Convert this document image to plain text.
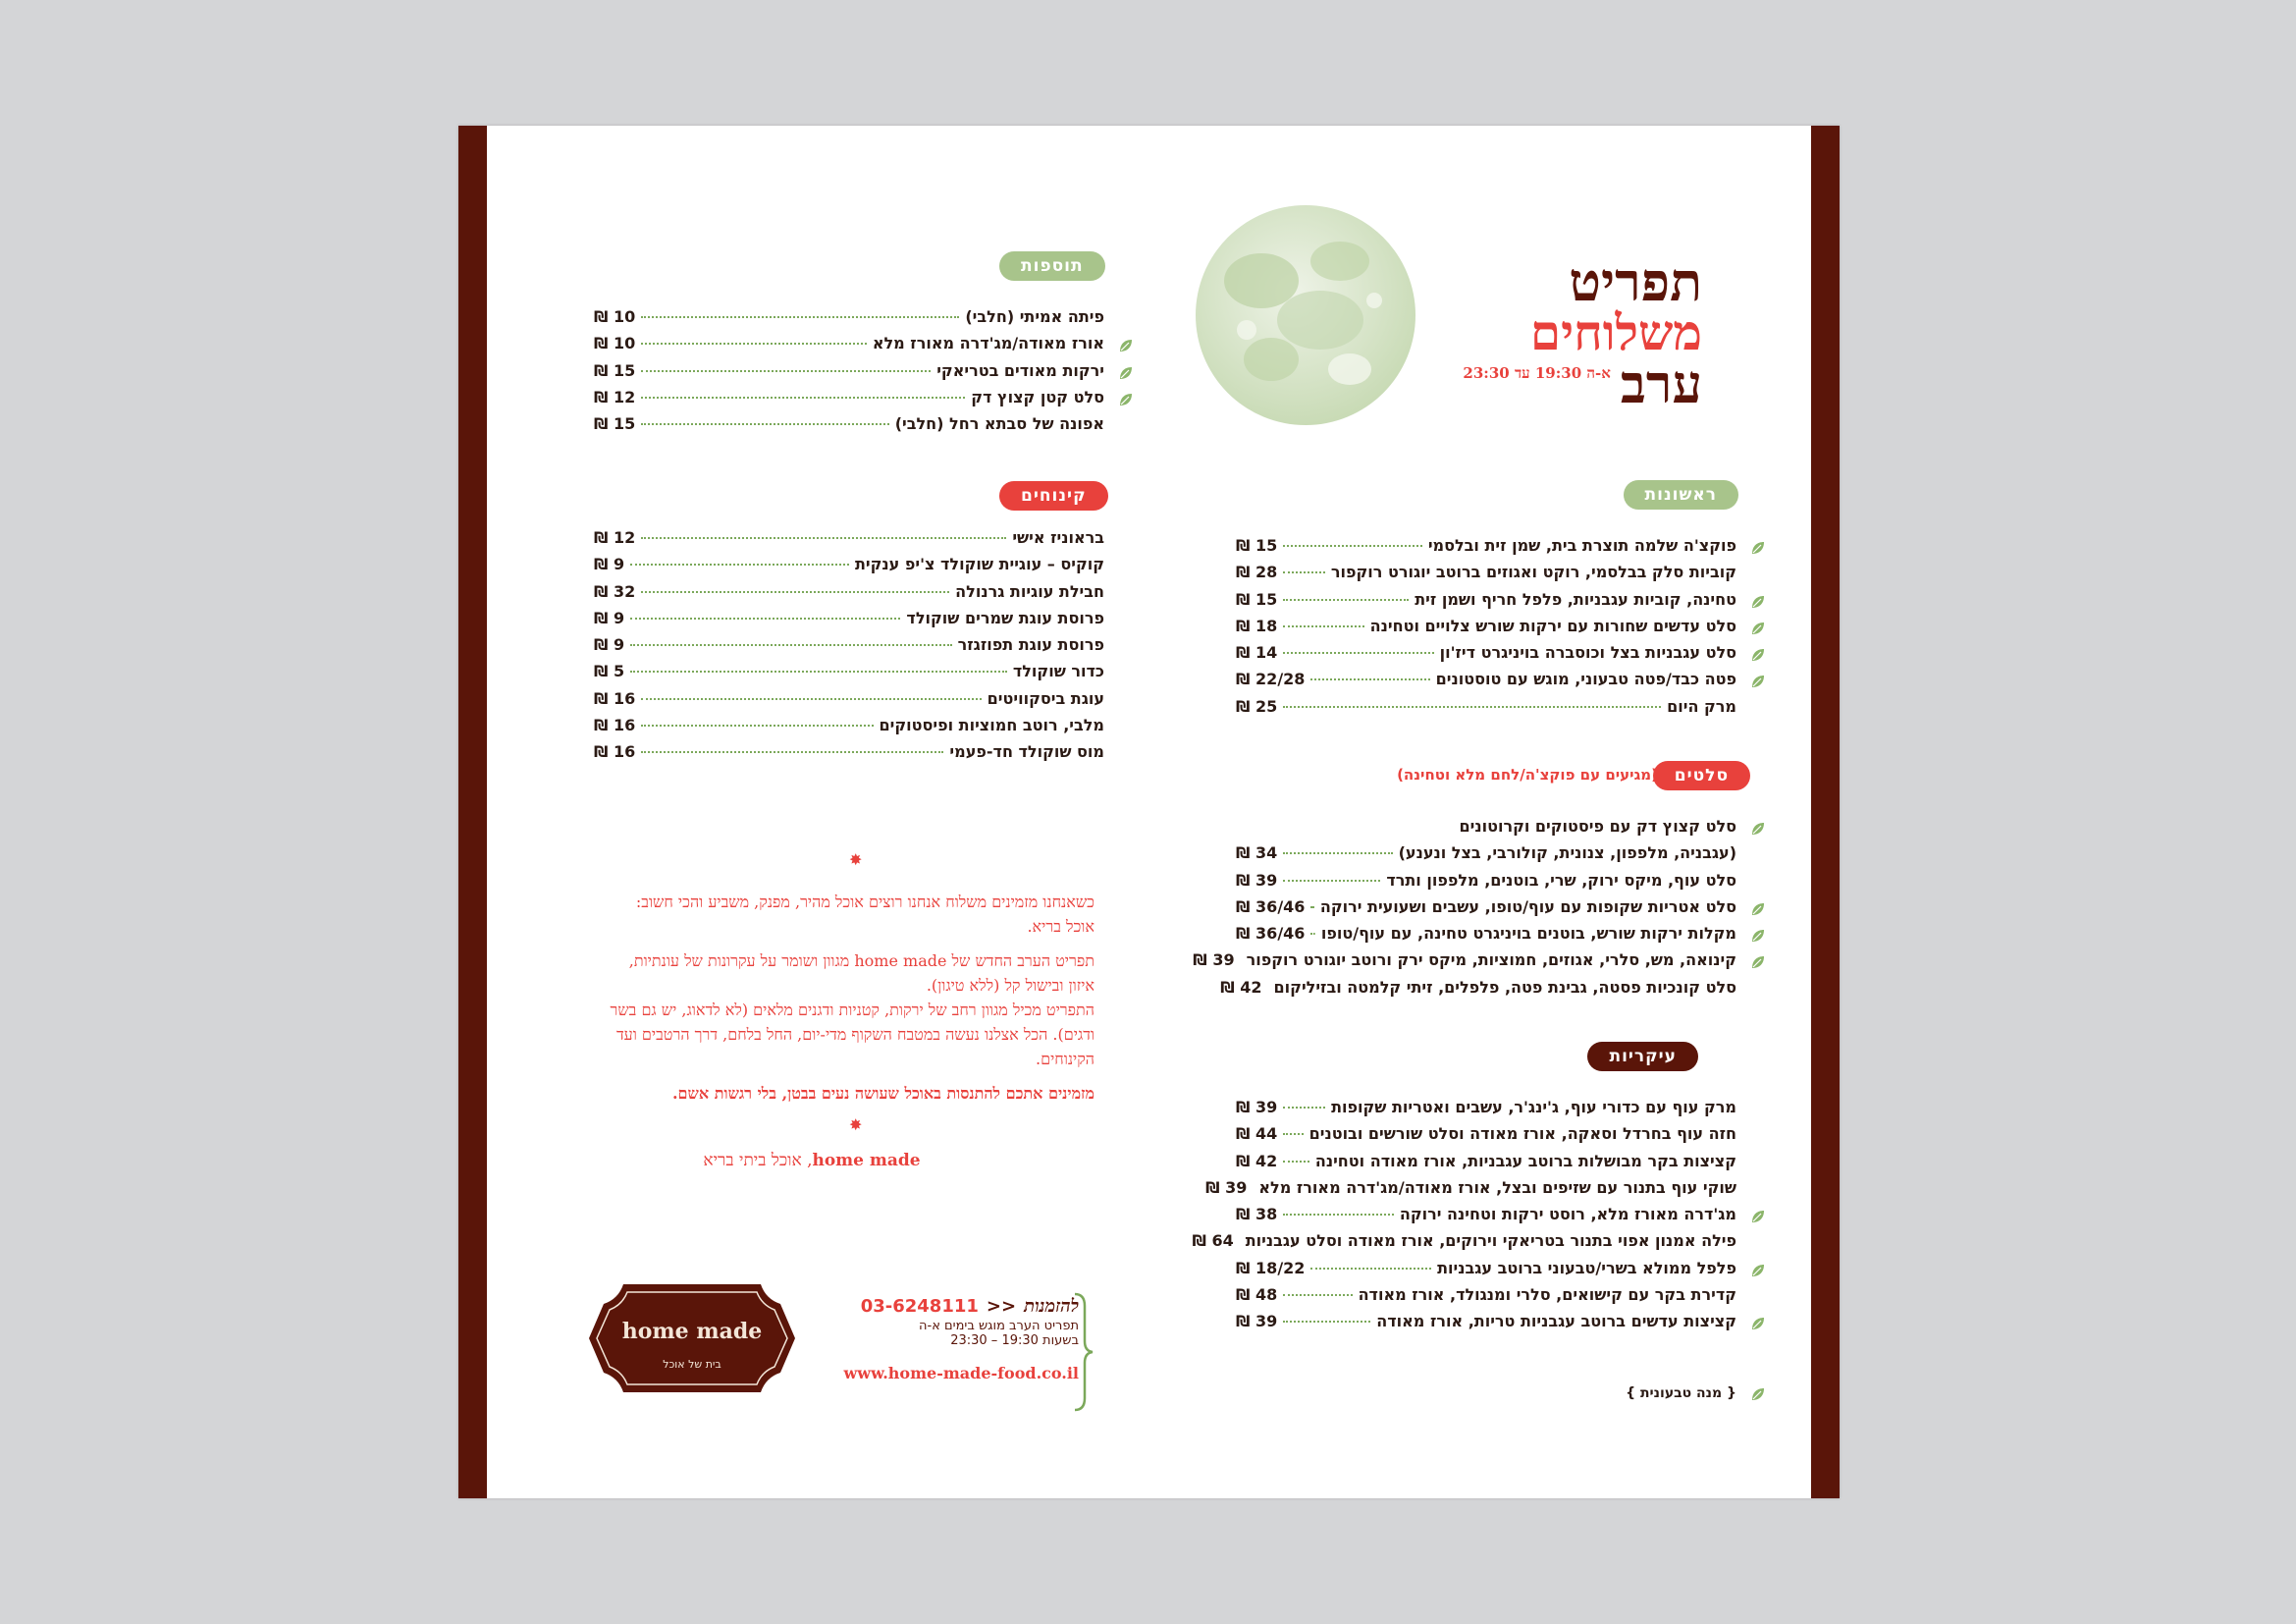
תפריט
משלוחים
ערב
א-ה 19:30 עד 23:30
ראשונות
פוקצ'ה שלמה תוצרת בית, שמן זית ובלסמי
15 ₪
קוביות סלק בבלסמי, רוקט ואגוזים ברוטב יוגורט רוקפור
28 ₪
טחינה, קוביות עגבניות, פלפל חריף ושמן זית
15 ₪
סלט עדשים שחורות עם ירקות שורש צלויים וטחינה
18 ₪
סלט עגבניות בצל וכוסברה בויניגרט דיז'ון
14 ₪
פטה כבד/פטה טבעוני, מוגש עם טוסטונים
22/28 ₪
מרק היום
25 ₪
סלטים
(מגיעים עם פוקצ'ה/לחם מלא וטחינה)
סלט קצוץ דק עם פיסטוקים וקרוטונים
(עגבניה, מלפפון, צנונית, קולורבי, בצל ונענע)
34 ₪
סלט עוף, מיקס ירוק, שרי, בוטנים, מלפפון ותרד
39 ₪
סלט אטריות שקופות עם עוף/טופו, עשבים ושעועית ירוקה
36/46 ₪
מקלות ירקות שורש, בוטנים בויניגרט טחינה, עם עוף/טופו
36/46 ₪
קינואה, מש, סלרי, אגוזים, חמוציות, מיקס ירק ורוטב יוגורט רוקפור
39 ₪
סלט קונכיות פסטה, גבינת פטה, פלפלים, זיתי קלמטה ובזיליקום
42 ₪
עיקריות
מרק עוף עם כדורי עוף, ג'ינג'ר, עשבים ואטריות שקופות
39 ₪
חזה עוף בחרדל וסאקה, אורז מאודה וסלט שורשים ובוטנים
44 ₪
קציצות בקר מבושלות ברוטב עגבניות, אורז מאודה וטחינה
42 ₪
שוקי עוף בתנור עם שזיפים ובצל, אורז מאודה/מג'דרה מאורז מלא
39 ₪
מג'דרה מאורז מלא, רוסט ירקות וטחינה ירוקה
38 ₪
פילה אמנון אפוי בתנור בטריאקי וירוקים, אורז מאודה וסלט עגבניות
64 ₪
פלפל ממולא בשרי/טבעוני ברוטב עגבניות
18/22 ₪
קדירת בקר עם קישואים, סלרי ומנגולד, אורז מאודה
48 ₪
קציצות עדשים ברוטב עגבניות טריות, אורז מאודה
39 ₪
{ מנה טבעונית }
תוספות
פיתה אמיתי (חלבי)
10 ₪
אורז מאודה/מג'דרה מאורז מלא
10 ₪
ירקות מאודים בטריאקי
15 ₪
סלט קטן קצוץ דק
12 ₪
אפונה של סבתא רחל (חלבי)
15 ₪
קינוחים
בראוניז אישי
12 ₪
קוקיס – עוגיית שוקולד צ'יפ ענקית
9 ₪
חבילת עוגיות גרנולה
32 ₪
פרוסת עוגת שמרים שוקולד
9 ₪
פרוסת עוגת תפוזגזר
9 ₪
כדור שוקולד
5 ₪
עוגת ביסקוויטים
16 ₪
מלבי, רוטב חמוציות ופיסטוקים
16 ₪
מוס שוקולד חד-פעמי
16 ₪
✸
כשאנחנו מזמינים משלוח אנחנו רוצים אוכל מהיר, מפנק, משביע והכי חשוב: אוכל בריא.
תפריט הערב החדש של home made מגוון ושומר על עקרונות של עונתיות, איזון ובישול קל (ללא טיגון).
התפריט מכיל מגוון רחב של ירקות, קטניות ודגנים מלאים (לא לדאוג, יש גם בשר ודגים). הכל אצלנו נעשה במטבח השקוף מדי-יום, החל בלחם, דרך הרטבים ועד הקינוחים.
מזמינים אתכם להתנסות באוכל שעושה נעים בבטן, בלי רגשות אשם.
✸
home made, אוכל ביתי בריא
home made
בית של אוכל
להזמנות
>>
03-6248111
תפריט הערב מוגש בימים א-ה
בשעות 19:30 – 23:30
www.home-made-food.co.il
